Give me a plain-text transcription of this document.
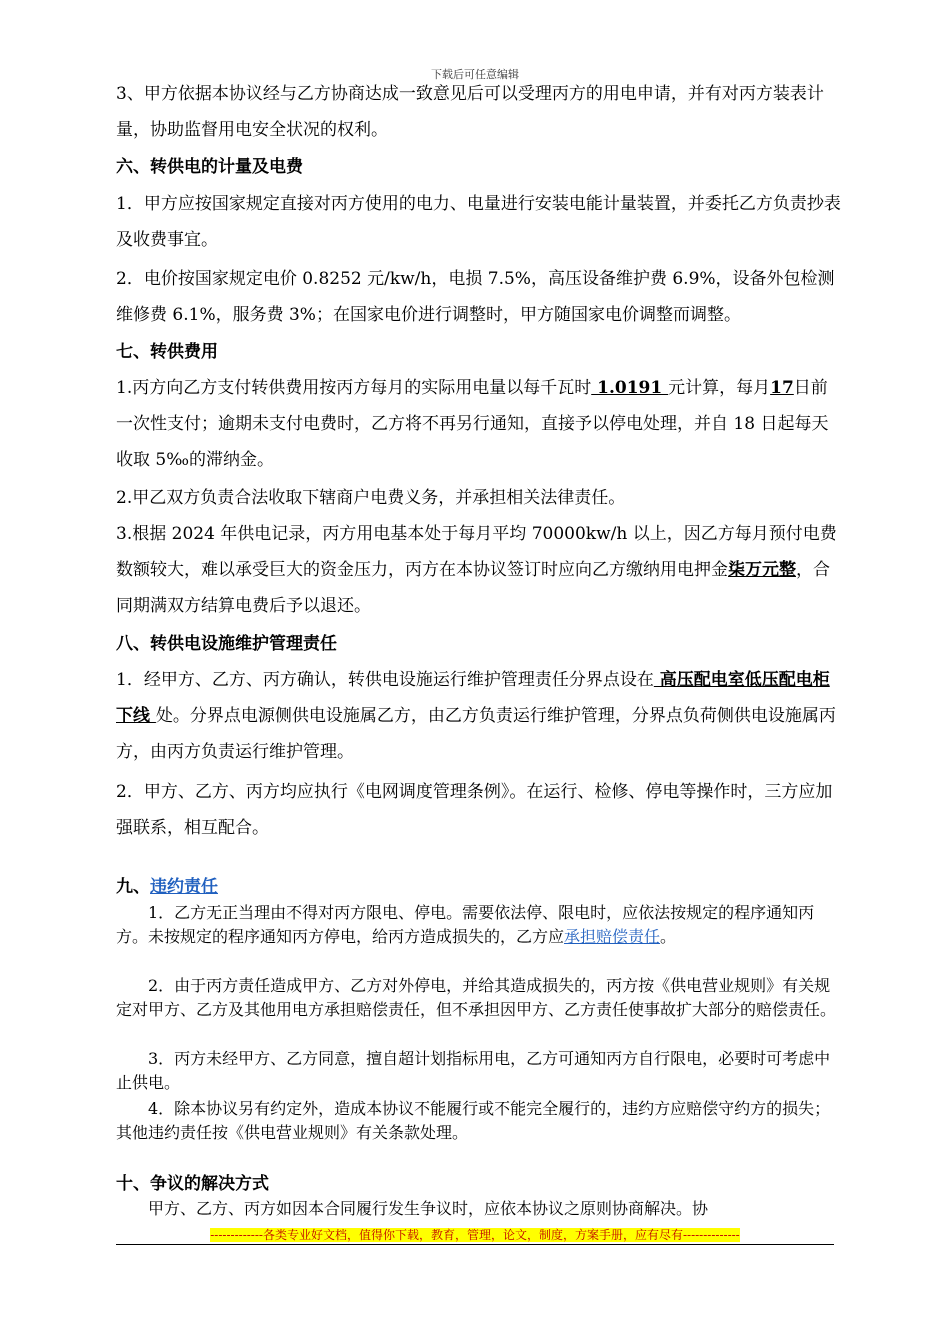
下载后可任意编辑

3、甲方依据本协议经与乙方协商达成一致意见后可以受理丙方的用电申请，并有对丙方装表计量，协助监督用电安全状况的权利。

六、转供电的计量及电费

1．甲方应按国家规定直接对丙方使用的电力、电量进行安装电能计量装置，并委托乙方负责抄表及收费事宜。

2．电价按国家规定电价 0.8252 元/kw/h，电损 7.5%，高压设备维护费 6.9%，设备外包检测维修费 6.1%，服务费 3%；在国家电价进行调整时，甲方随国家电价调整而调整。

七、转供费用

1.丙方向乙方支付转供费用按丙方每月的实际用电量以每千瓦时 1.0191 元计算，每月17日前一次性支付；逾期未支付电费时，乙方将不再另行通知，直接予以停电处理，并自 18 日起每天收取 5‰的滞纳金。

2.甲乙双方负责合法收取下辖商户电费义务，并承担相关法律责任。

3.根据 2024 年供电记录，丙方用电基本处于每月平均 70000kw/h 以上，因乙方每月预付电费数额较大，难以承受巨大的资金压力，丙方在本协议签订时应向乙方缴纳用电押金柒万元整，合同期满双方结算电费后予以退还。

八、转供电设施维护管理责任

1．经甲方、乙方、丙方确认，转供电设施运行维护管理责任分界点设在 高压配电室低压配电柜下线 处。分界点电源侧供电设施属乙方，由乙方负责运行维护管理，分界点负荷侧供电设施属丙方，由丙方负责运行维护管理。

2．甲方、乙方、丙方均应执行《电网调度管理条例》。在运行、检修、停电等操作时，三方应加强联系，相互配合。

九、违约责任

1．乙方无正当理由不得对丙方限电、停电。需要依法停、限电时，应依法按规定的程序通知丙方。未按规定的程序通知丙方停电，给丙方造成损失的，乙方应承担赔偿责任。

2．由于丙方责任造成甲方、乙方对外停电，并给其造成损失的，丙方按《供电营业规则》有关规定对甲方、乙方及其他用电方承担赔偿责任，但不承担因甲方、乙方责任使事故扩大部分的赔偿责任。

3．丙方未经甲方、乙方同意，擅自超计划指标用电，乙方可通知丙方自行限电，必要时可考虑中止供电。

4．除本协议另有约定外，造成本协议不能履行或不能完全履行的，违约方应赔偿守约方的损失；其他违约责任按《供电营业规则》有关条款处理。

十、争议的解决方式

甲方、乙方、丙方如因本合同履行发生争议时，应依本协议之原则协商解决。协

-------------各类专业好文档，值得你下载，教育，管理，论文，制度，方案手册，应有尽有--------------
